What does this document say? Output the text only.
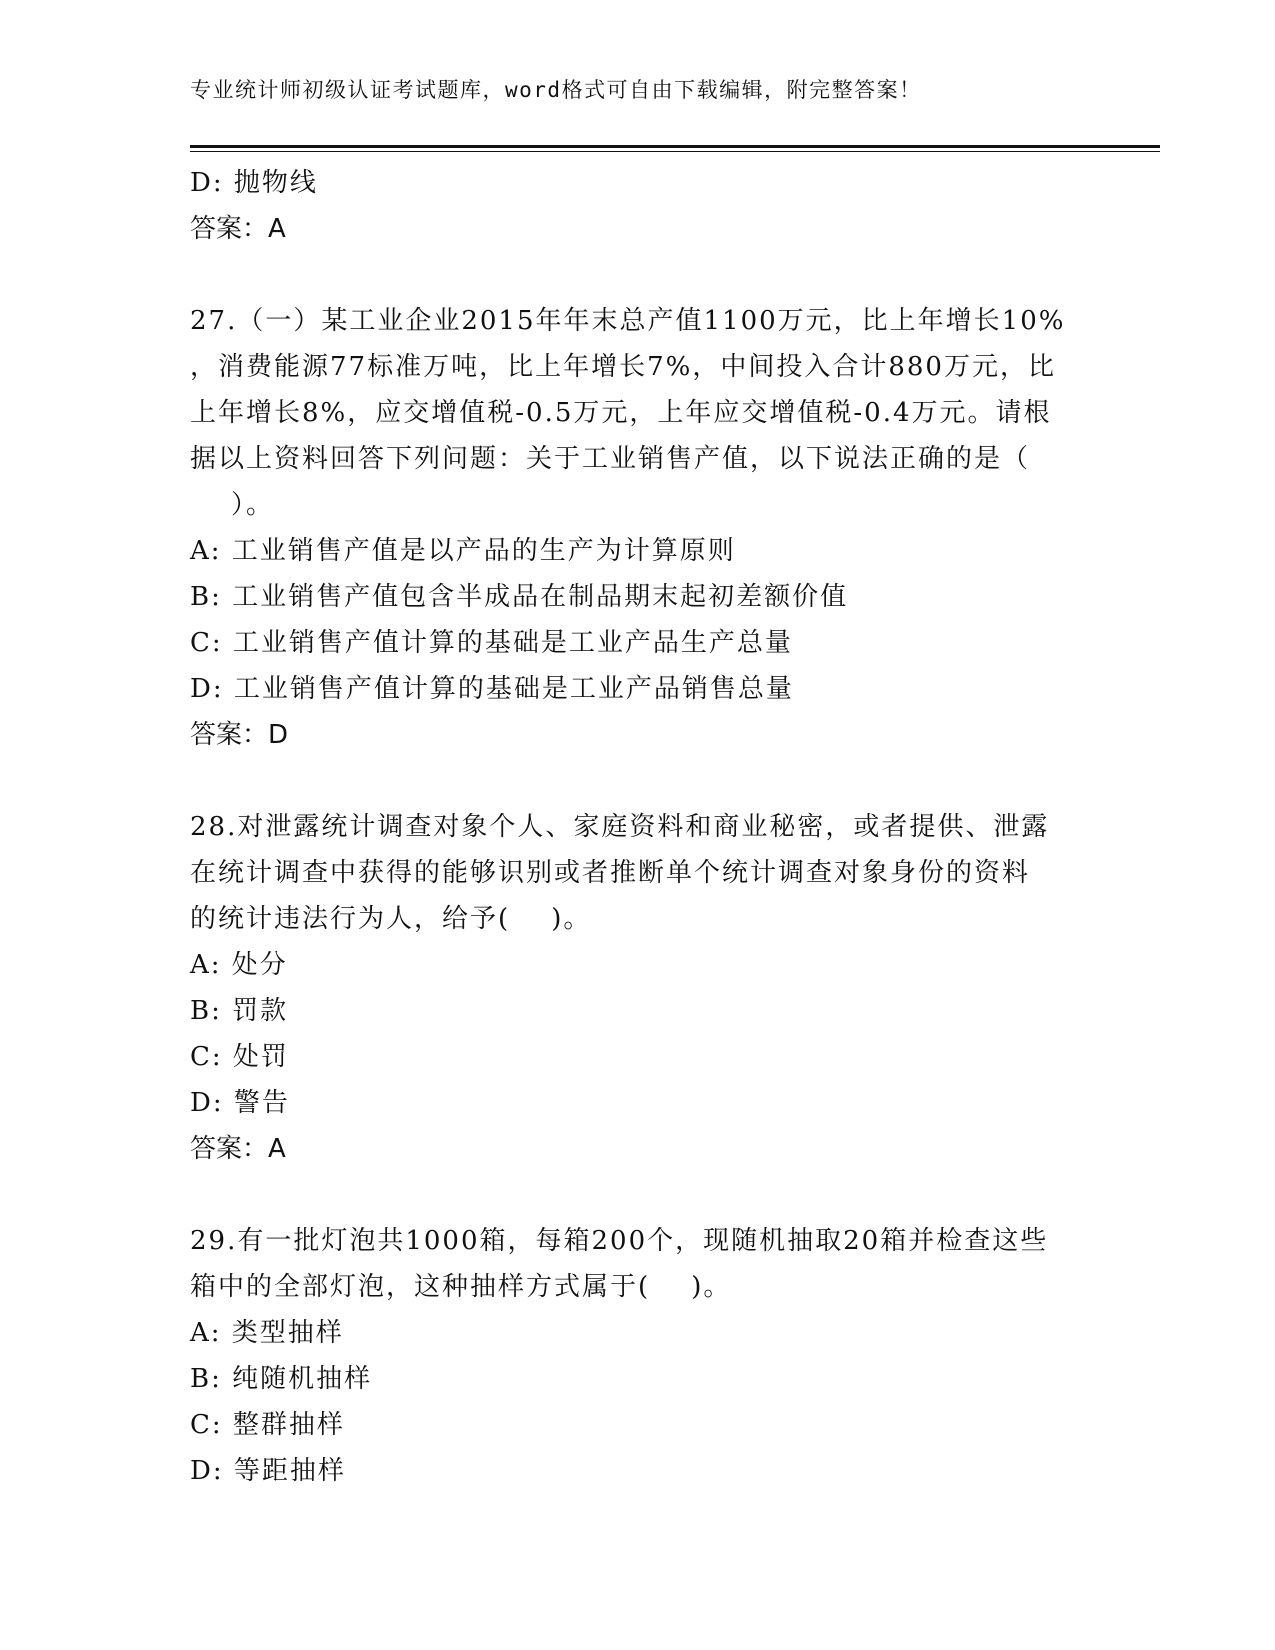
专业统计师初级认证考试题库，word格式可自由下载编辑，附完整答案！
D: 抛物线
答案：A
27.（一）某工业企业2015年年末总产值1100万元，比上年增长10%
，消费能源77标准万吨，比上年增长7%，中间投入合计880万元，比
上年增长8%，应交增值税-0.5万元，上年应交增值税-0.4万元。请根
据以上资料回答下列问题：关于工业销售产值，以下说法正确的是（
）。
A: 工业销售产值是以产品的生产为计算原则
B: 工业销售产值包含半成品在制品期末起初差额价值
C: 工业销售产值计算的基础是工业产品生产总量
D: 工业销售产值计算的基础是工业产品销售总量
答案：D
28.对泄露统计调查对象个人、家庭资料和商业秘密，或者提供、泄露
在统计调查中获得的能够识别或者推断单个统计调查对象身份的资料
的统计违法行为人，给予(    )。
A: 处分
B: 罚款
C: 处罚
D: 警告
答案：A
29.有一批灯泡共1000箱，每箱200个，现随机抽取20箱并检查这些
箱中的全部灯泡，这种抽样方式属于(    )。
A: 类型抽样
B: 纯随机抽样
C: 整群抽样
D: 等距抽样
